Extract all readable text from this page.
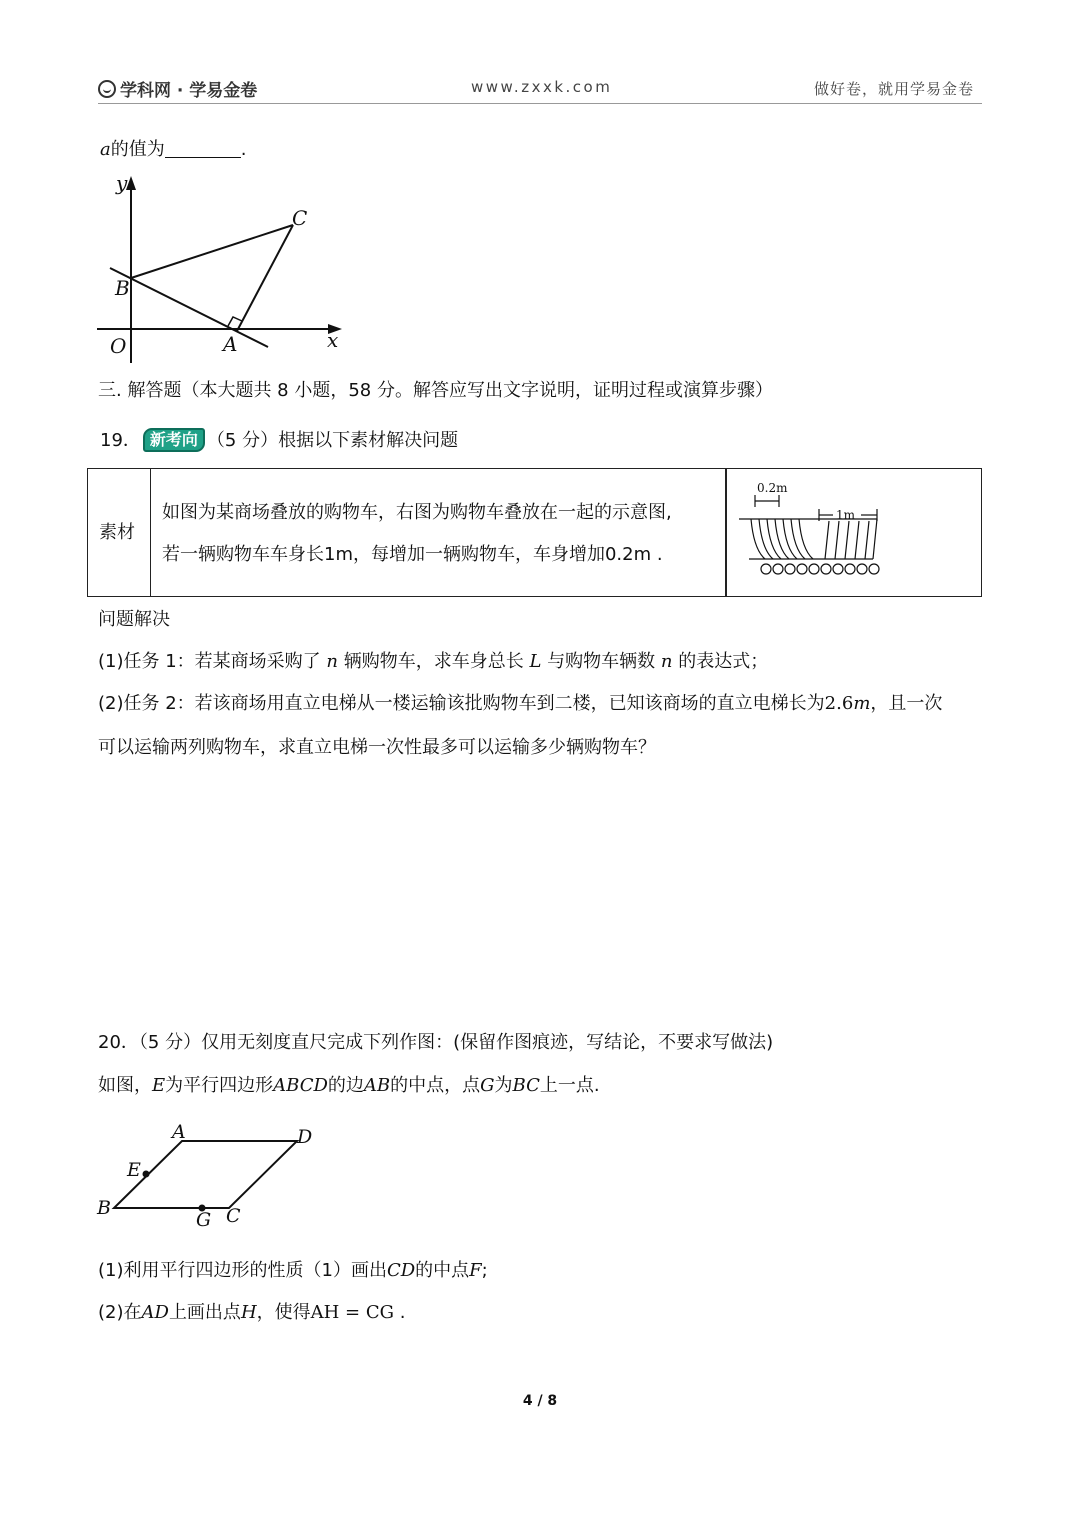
学科网 · 学易金卷	www.zxxk.com	做好卷，就用学易金卷
a的值为	.
y
x
O	A
B
C
三. 解答题（本大题共 8 小题，58 分。解答应写出文字说明，证明过程或演算步骤）
19． 新考向 （5 分）根据以下素材解决问题
素材
如图为某商场叠放的购物车，右图为购物车叠放在一起的示意图,
若一辆购物车车身长1m，每增加一辆购物车，车身增加0.2m .
0.2m
1m
问题解决
(1)任务 1：若某商场采购了 n 辆购物车，求车身总长 L 与购物车辆数 n 的表达式；
(2)任务 2：若该商场用直立电梯从一楼运输该批购物车到二楼，已知该商场的直立电梯长为2.6m，且一次
可以运输两列购物车，求直立电梯一次性最多可以运输多少辆购物车？
20．（5 分）仅用无刻度直尺完成下列作图：(保留作图痕迹，写结论，不要求写做法)
如图，E为平行四边形ABCD的边AB的中点，点G为BC上一点.
A	D
E
B
G C
(1)利用平行四边形的性质（1）画出CD的中点F;
(2)在AD上画出点H，使得AH = CG .
4 / 8
